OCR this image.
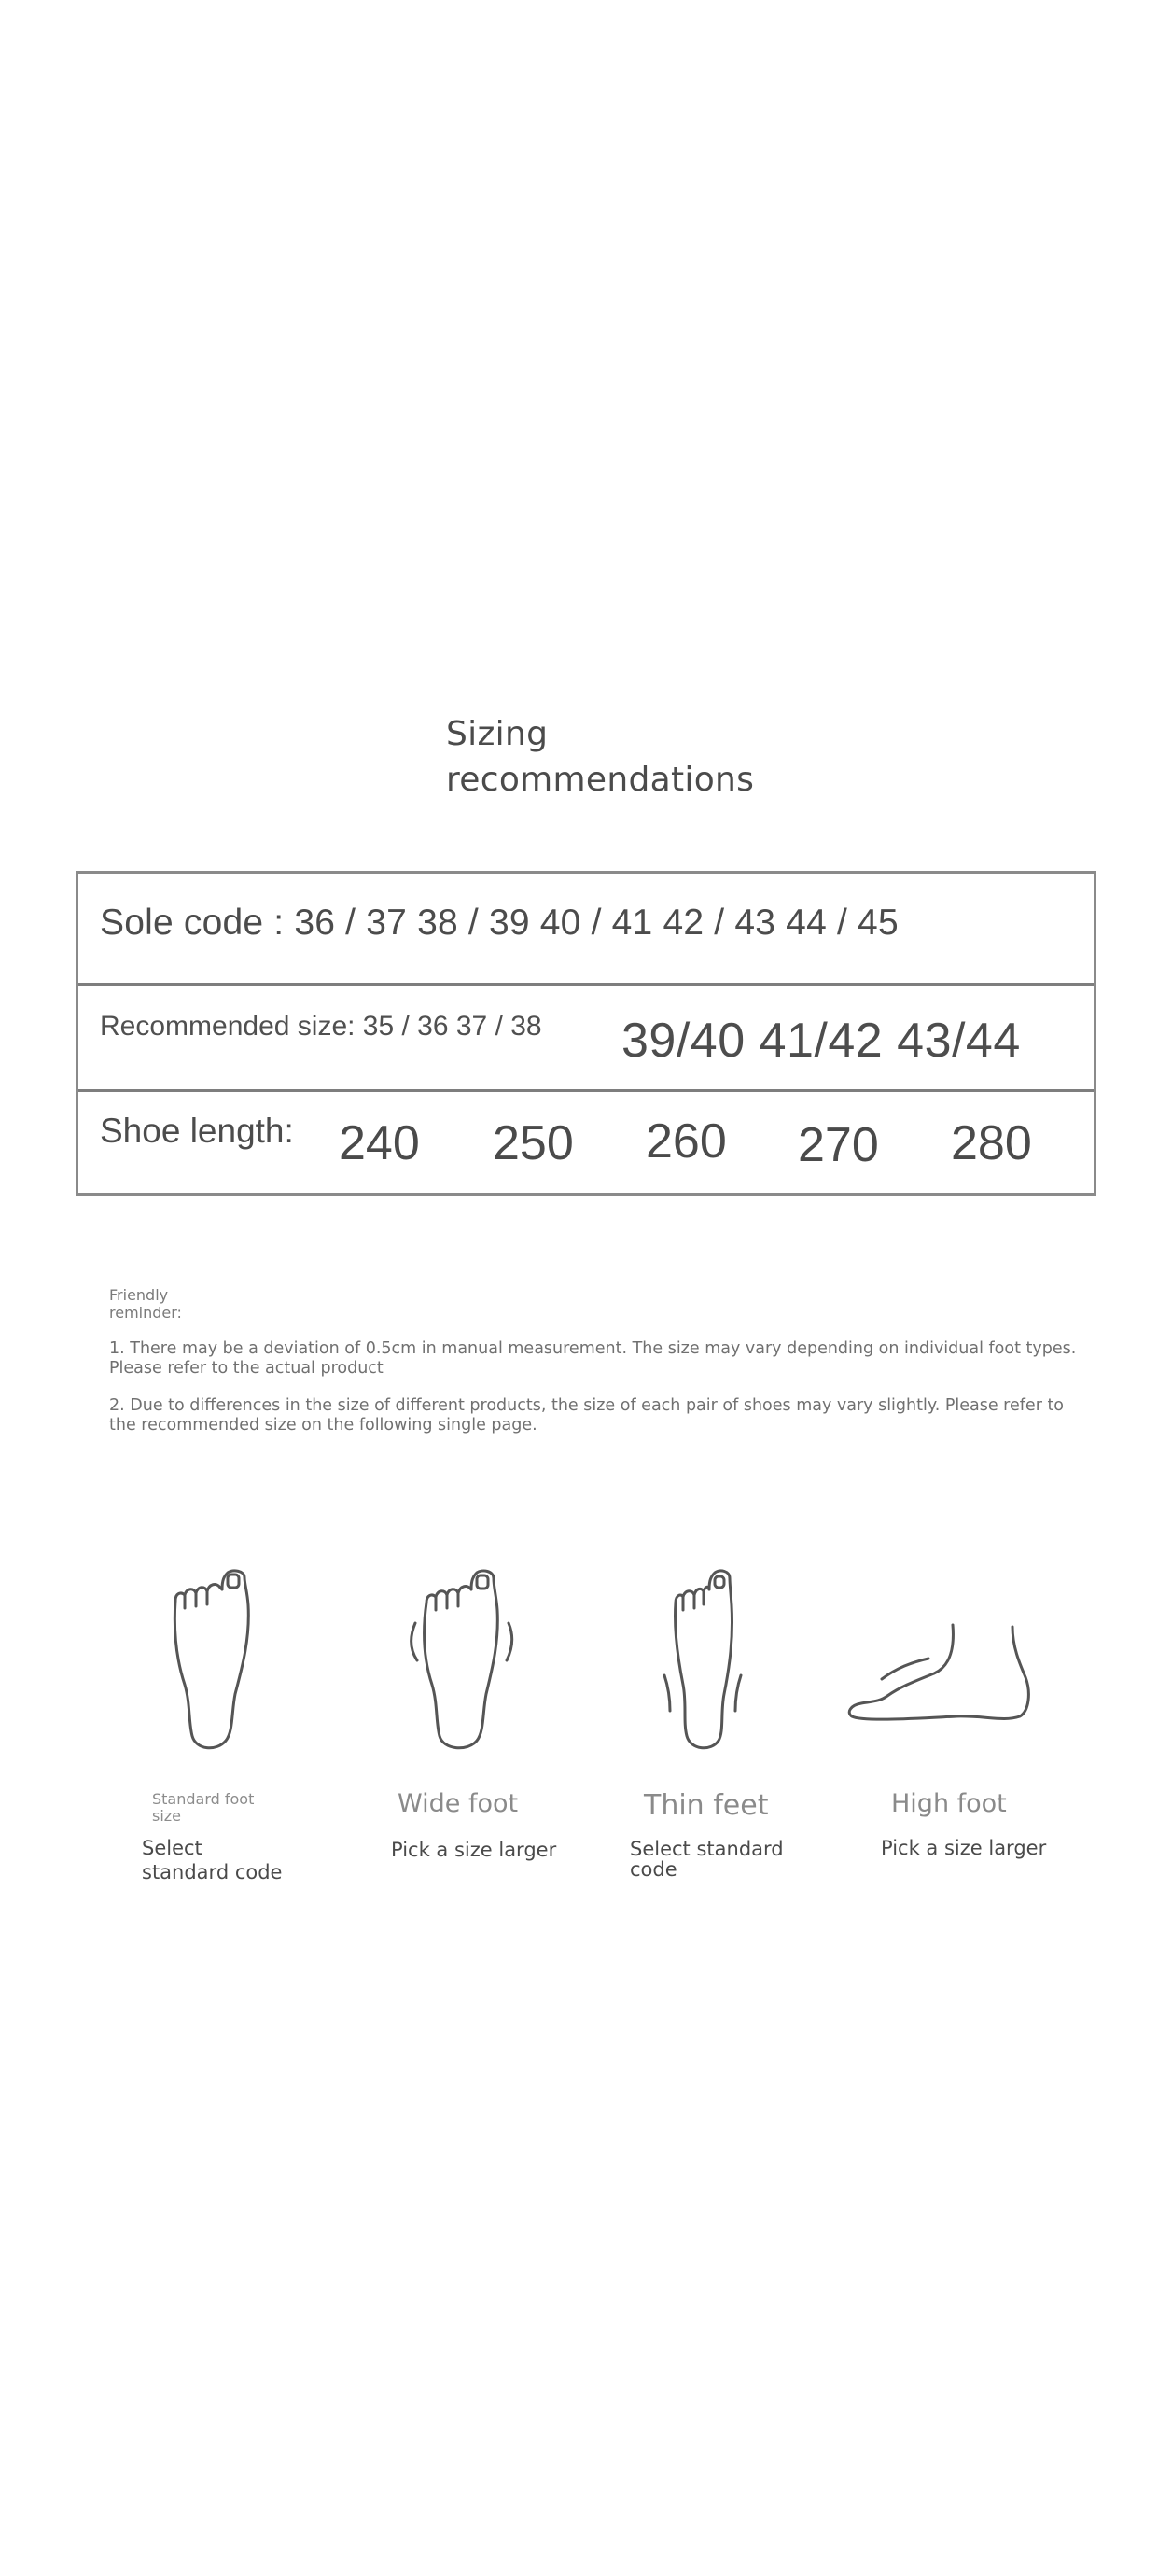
Sizing
recommendations
Sole code : 36 / 37 38 / 39 40 / 41 42 / 43 44 / 45
Recommended size: 35 / 36 37 / 38 39/40 41/42 43/44
Shoe length: 240 250 260 270 280
Friendly
reminder:
1. There may be a deviation of 0.5cm in manual measurement. The size may vary depending on individual foot types. Please refer to the actual product
2. Due to differences in the size of different products, the size of each pair of shoes may vary slightly. Please refer to the recommended size on the following single page.
Standard foot size
Select standard code
Wide foot
Pick a size larger
Thin feet
Select standard code
High foot
Pick a size larger
